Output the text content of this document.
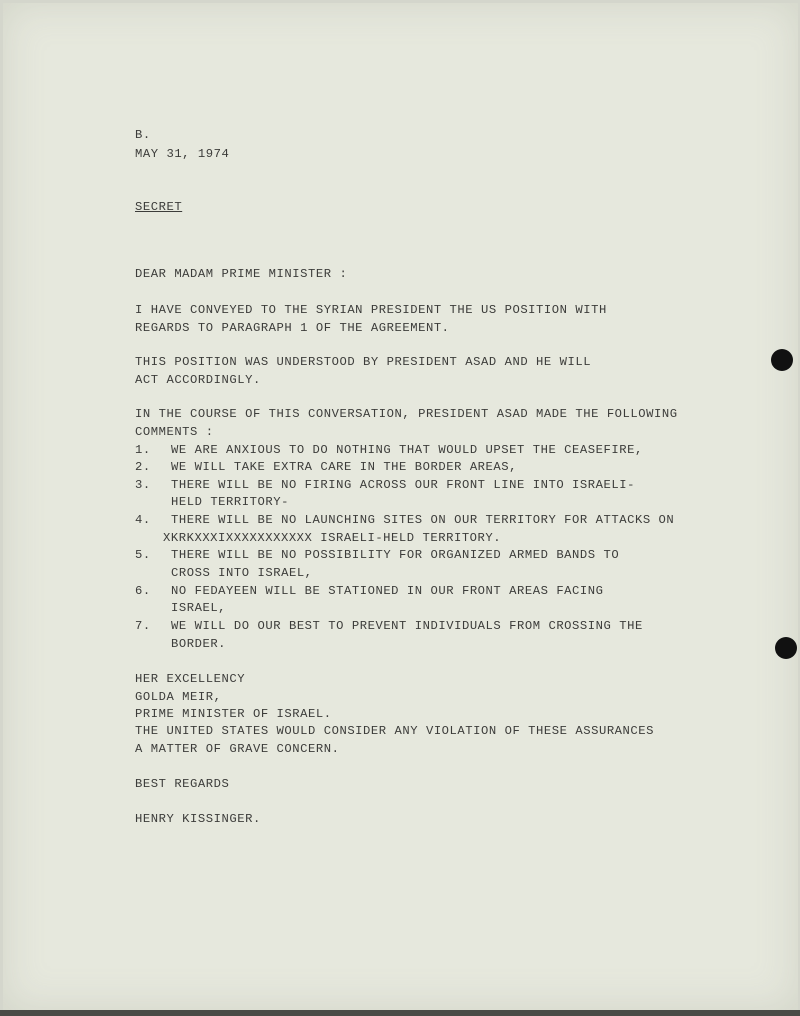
B.

MAY 31, 1974

SECRET

DEAR MADAM PRIME MINISTER :

I HAVE CONVEYED TO THE SYRIAN PRESIDENT THE US POSITION WITH

REGARDS TO PARAGRAPH 1 OF THE AGREEMENT.

THIS POSITION WAS UNDERSTOOD BY PRESIDENT ASAD AND HE WILL

ACT ACCORDINGLY.

IN THE COURSE OF THIS CONVERSATION, PRESIDENT ASAD MADE THE FOLLOWING

COMMENTS :

1. WE ARE ANXIOUS TO DO NOTHING THAT WOULD UPSET THE CEASEFIRE,

2. WE WILL TAKE EXTRA CARE IN THE BORDER AREAS,

3. THERE WILL BE NO FIRING ACROSS OUR FRONT LINE INTO ISRAELI-

HELD TERRITORY-

4. THERE WILL BE NO LAUNCHING SITES ON OUR TERRITORY FOR ATTACKS ON

XKRKXXXIXXXXXXXXXXX ISRAELI-HELD TERRITORY.

5. THERE WILL BE NO POSSIBILITY FOR ORGANIZED ARMED BANDS TO

CROSS INTO ISRAEL,

6. NO FEDAYEEN WILL BE STATIONED IN OUR FRONT AREAS FACING

ISRAEL,

7. WE WILL DO OUR BEST TO PREVENT INDIVIDUALS FROM CROSSING THE

BORDER.

HER EXCELLENCY

GOLDA MEIR,

PRIME MINISTER OF ISRAEL.

THE UNITED STATES WOULD CONSIDER ANY VIOLATION OF THESE ASSURANCES

A MATTER OF GRAVE CONCERN.

BEST REGARDS

HENRY KISSINGER.
